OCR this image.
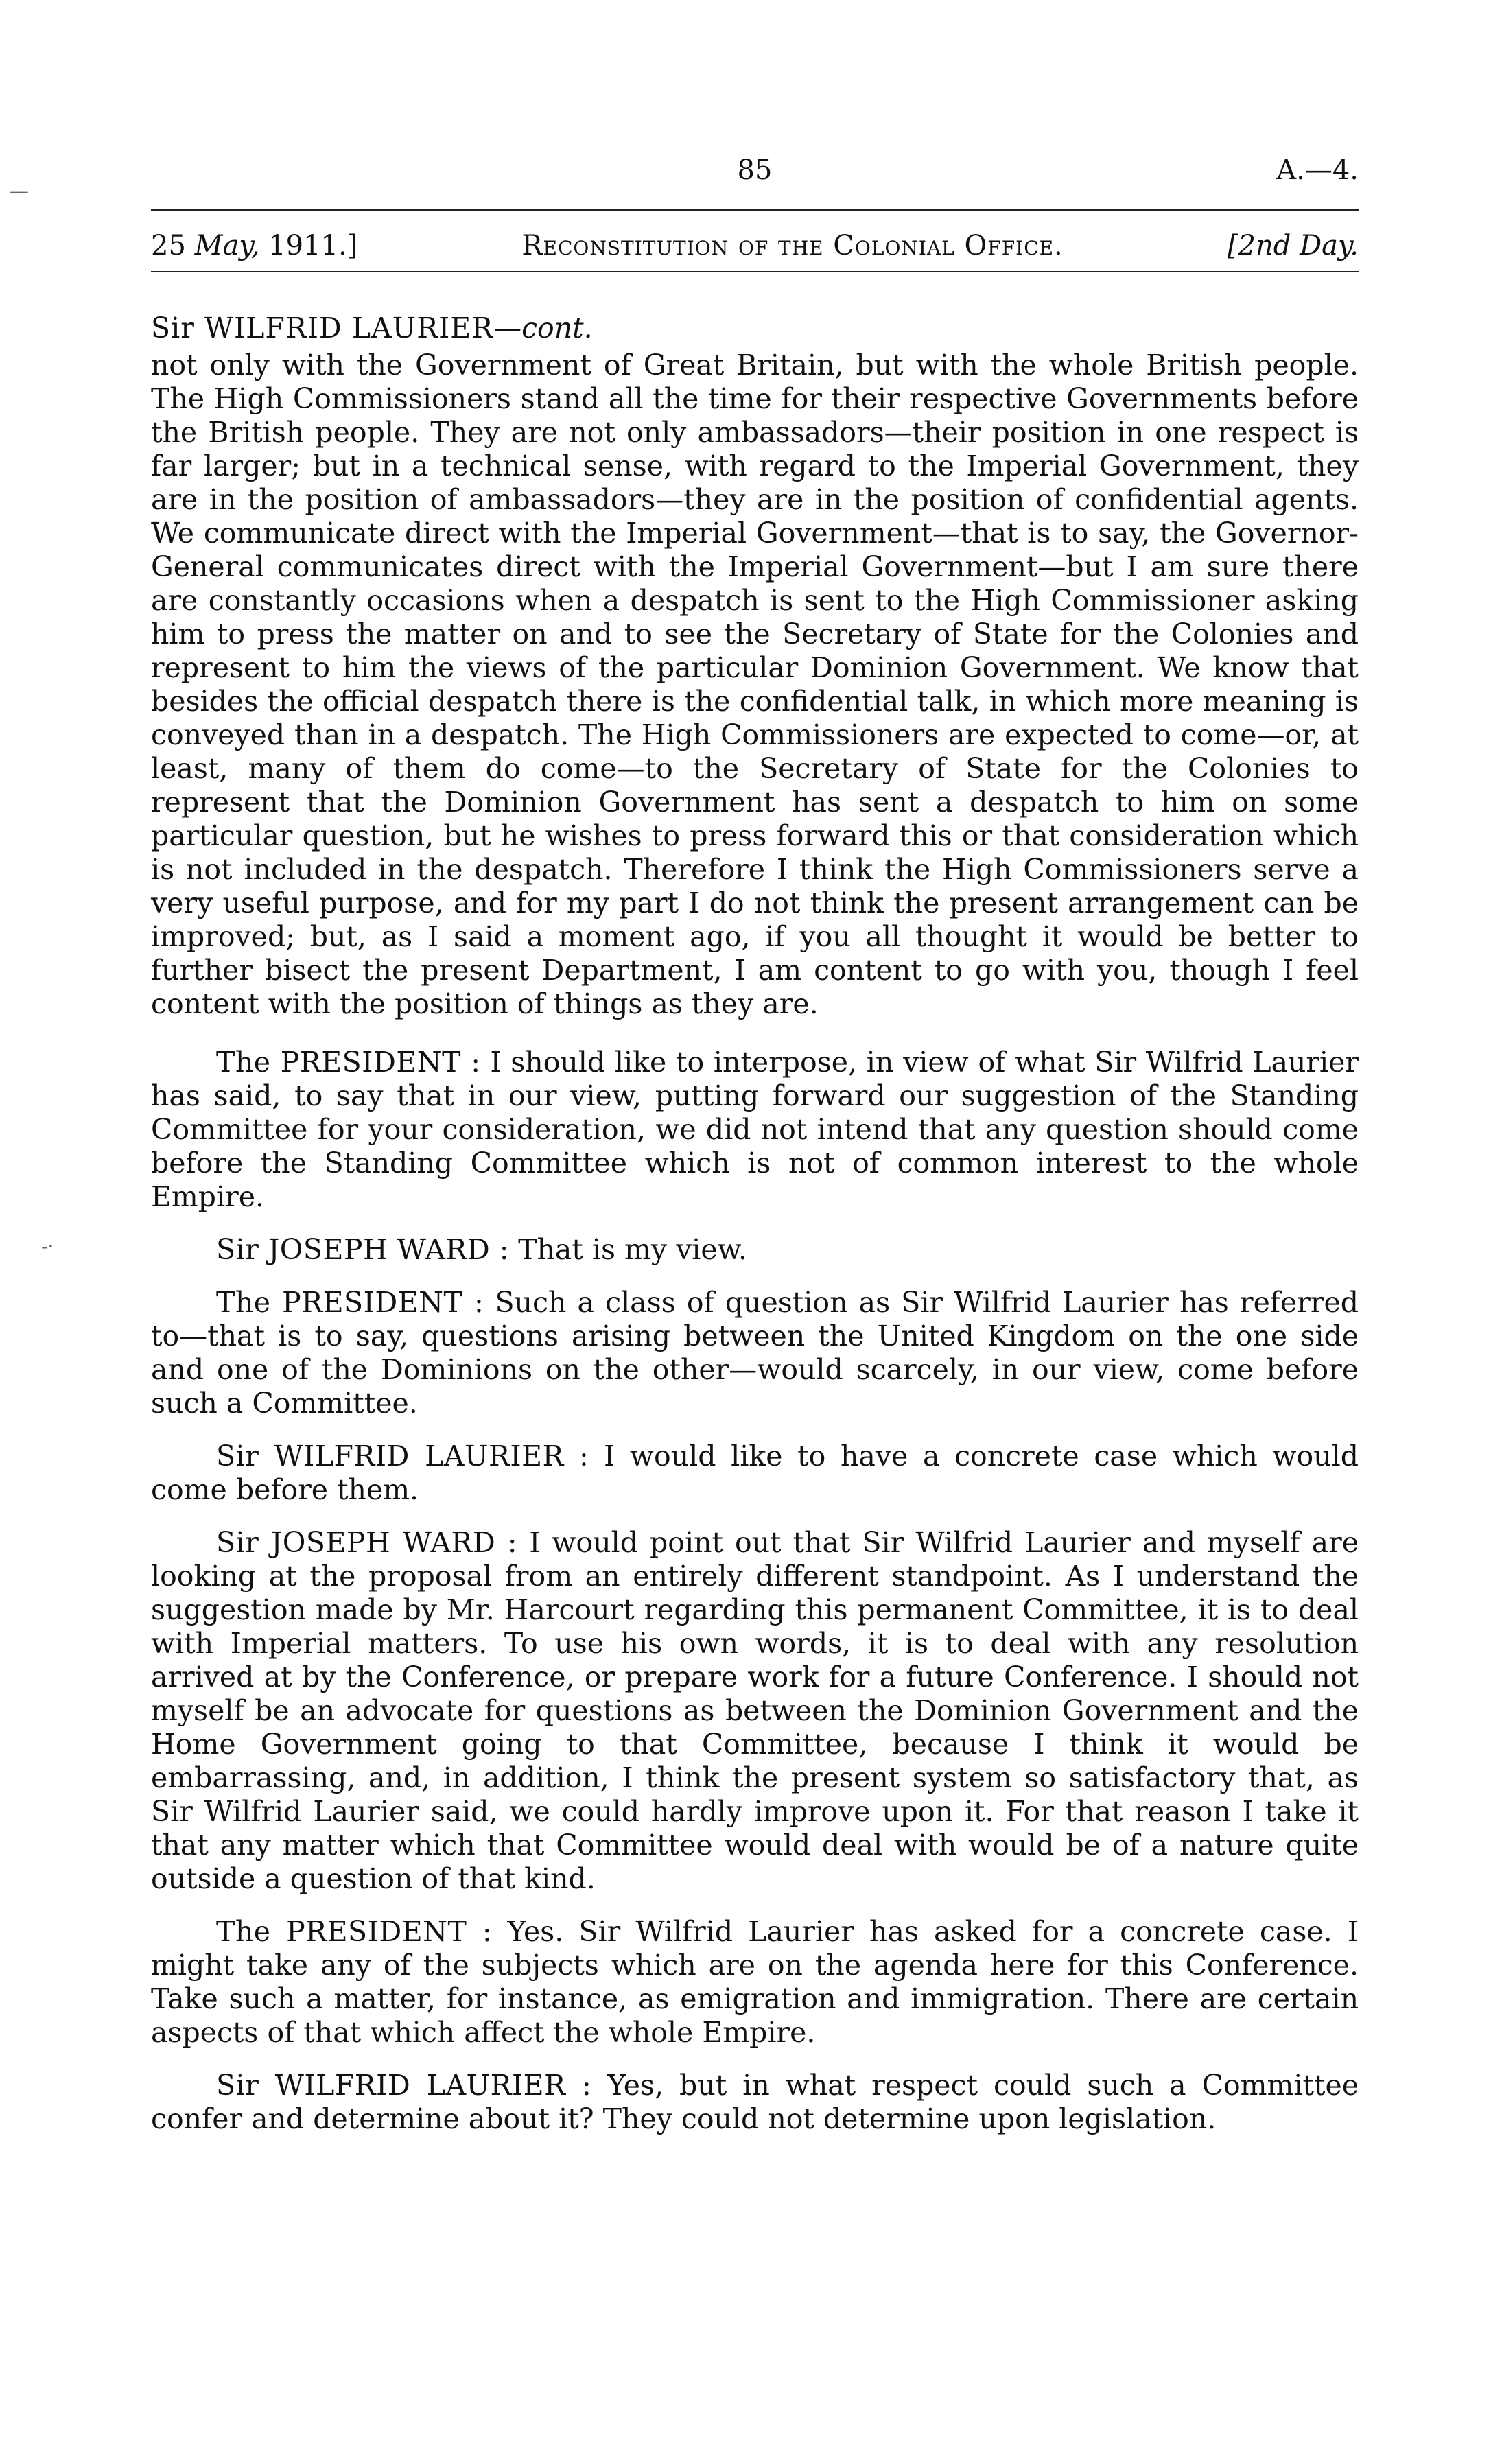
—
-·
85	A.—4.
25 May, 1911.]	Reconstitution of the Colonial Office.	[2nd Day.
Sir WILFRID LAURIER—cont.

not only with the Government of Great Britain, but with the whole British people. The High Commissioners stand all the time for their respective Governments before the British people. They are not only ambassadors—their position in one respect is far larger; but in a technical sense, with regard to the Imperial Government, they are in the position of ambassadors—they are in the position of confidential agents. We communicate direct with the Imperial Government—that is to say, the Governor-General communicates direct with the Imperial Government—but I am sure there are constantly occasions when a despatch is sent to the High Commissioner asking him to press the matter on and to see the Secretary of State for the Colonies and represent to him the views of the particular Dominion Government. We know that besides the official despatch there is the confidential talk, in which more meaning is conveyed than in a despatch. The High Commissioners are expected to come—or, at least, many of them do come—to the Secretary of State for the Colonies to represent that the Dominion Government has sent a despatch to him on some particular question, but he wishes to press forward this or that consideration which is not included in the despatch. Therefore I think the High Commissioners serve a very useful purpose, and for my part I do not think the present arrangement can be improved; but, as I said a moment ago, if you all thought it would be better to further bisect the present Department, I am content to go with you, though I feel content with the position of things as they are.

The PRESIDENT : I should like to interpose, in view of what Sir Wilfrid Laurier has said, to say that in our view, putting forward our suggestion of the Standing Committee for your consideration, we did not intend that any question should come before the Standing Committee which is not of common interest to the whole Empire.

Sir JOSEPH WARD : That is my view.

The PRESIDENT : Such a class of question as Sir Wilfrid Laurier has referred to—that is to say, questions arising between the United Kingdom on the one side and one of the Dominions on the other—would scarcely, in our view, come before such a Committee.

Sir WILFRID LAURIER : I would like to have a concrete case which would come before them.

Sir JOSEPH WARD : I would point out that Sir Wilfrid Laurier and myself are looking at the proposal from an entirely different standpoint. As I understand the suggestion made by Mr. Harcourt regarding this permanent Committee, it is to deal with Imperial matters. To use his own words, it is to deal with any resolution arrived at by the Conference, or prepare work for a future Conference. I should not myself be an advocate for questions as between the Dominion Government and the Home Government going to that Committee, because I think it would be embarrassing, and, in addition, I think the present system so satisfactory that, as Sir Wilfrid Laurier said, we could hardly improve upon it. For that reason I take it that any matter which that Committee would deal with would be of a nature quite outside a question of that kind.

The PRESIDENT : Yes. Sir Wilfrid Laurier has asked for a concrete case. I might take any of the subjects which are on the agenda here for this Conference. Take such a matter, for instance, as emigration and immigration. There are certain aspects of that which affect the whole Empire.

Sir WILFRID LAURIER : Yes, but in what respect could such a Committee confer and determine about it? They could not determine upon legislation.
